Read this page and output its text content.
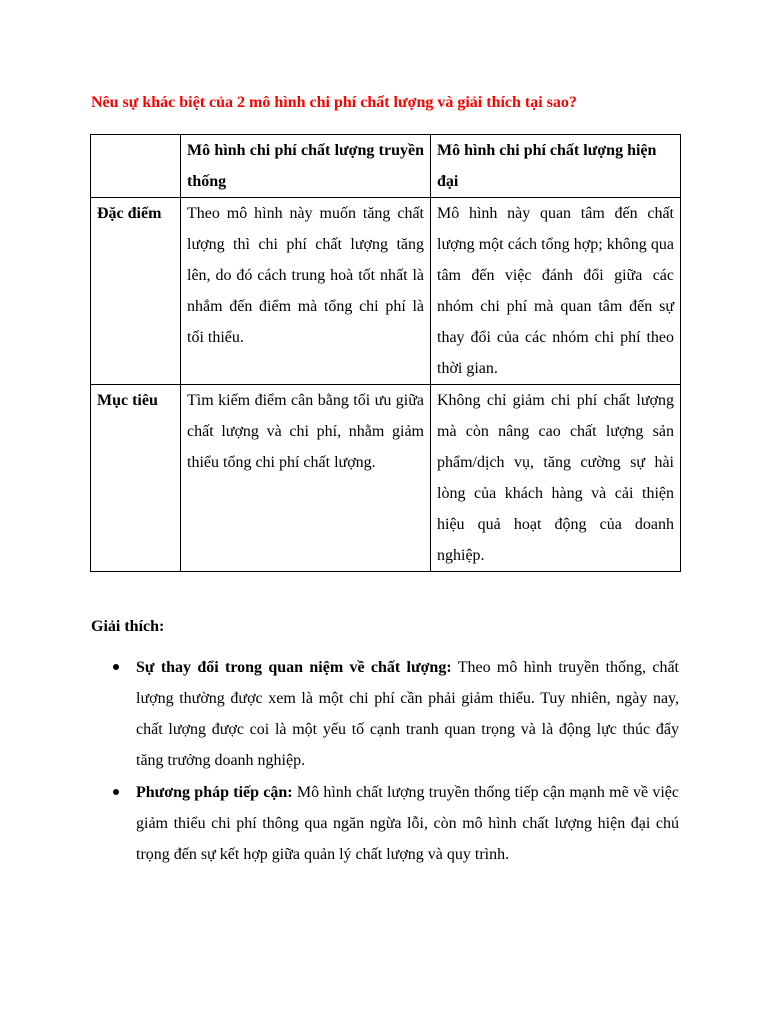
Nêu sự khác biệt của 2 mô hình chi phí chất lượng và giải thích tại sao?
	Mô hình chi phí chất lượng truyền thống	Mô hình chi phí chất lượng hiện đại
Đặc điểm	Theo mô hình này muốn tăng chất lượng thì chi phí chất lượng tăng lên, do đó cách trung hoà tốt nhất là nhắm đến điểm mà tổng chi phí là tối thiểu.	Mô hình này quan tâm đến chất lượng một cách tổng hợp; không qua tâm đến việc đánh đổi giữa các nhóm chi phí mà quan tâm đến sự thay đổi của các nhóm chi phí theo thời gian.
Mục tiêu	Tìm kiếm điểm cân bằng tối ưu giữa chất lượng và chi phí, nhằm giảm thiểu tổng chi phí chất lượng.	Không chỉ giảm chi phí chất lượng mà còn nâng cao chất lượng sản phẩm/dịch vụ, tăng cường sự hài lòng của khách hàng và cải thiện hiệu quả hoạt động của doanh nghiệp.
Giải thích:
Sự thay đổi trong quan niệm về chất lượng: Theo mô hình truyền thống, chất lượng thường được xem là một chi phí cần phải giảm thiểu. Tuy nhiên, ngày nay, chất lượng được coi là một yếu tố cạnh tranh quan trọng và là động lực thúc đẩy tăng trưởng doanh nghiệp.
Phương pháp tiếp cận: Mô hình chất lượng truyền thống tiếp cận mạnh mẽ về việc giảm thiểu chi phí thông qua ngăn ngừa lỗi, còn mô hình chất lượng hiện đại chú trọng đến sự kết hợp giữa quản lý chất lượng và quy trình.
